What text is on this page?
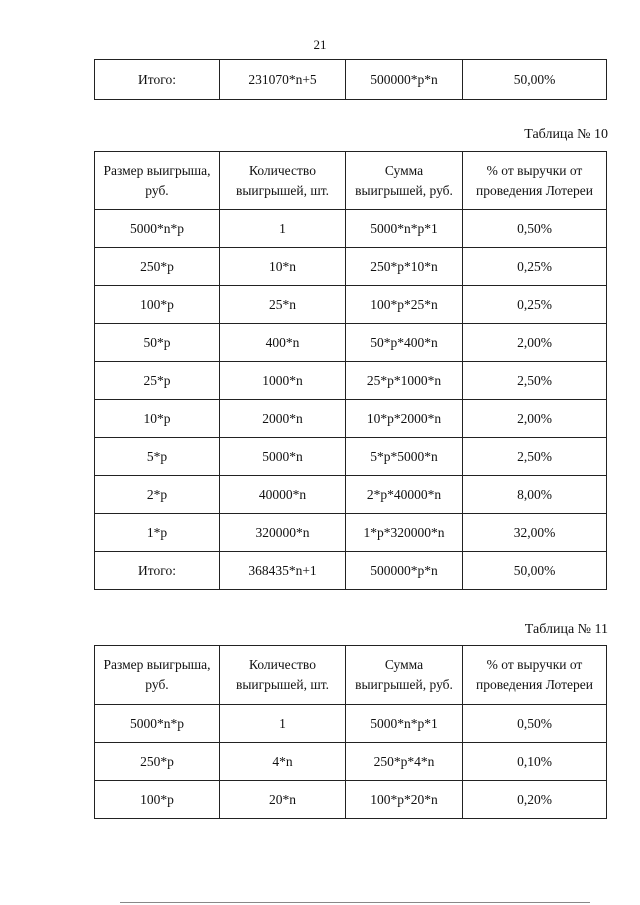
21
Итого:	231070*n+5	500000*p*n	50,00%
Таблица № 10
Размер выигрыша, руб.	Количество выигрышей, шт.	Сумма выигрышей, руб.	% от выручки от проведения Лотереи
5000*n*p	1	5000*n*p*1	0,50%
250*p	10*n	250*p*10*n	0,25%
100*p	25*n	100*p*25*n	0,25%
50*p	400*n	50*p*400*n	2,00%
25*p	1000*n	25*p*1000*n	2,50%
10*p	2000*n	10*p*2000*n	2,00%
5*p	5000*n	5*p*5000*n	2,50%
2*p	40000*n	2*p*40000*n	8,00%
1*p	320000*n	1*p*320000*n	32,00%
Итого:	368435*n+1	500000*p*n	50,00%
Таблица № 11
Размер выигрыша, руб.	Количество выигрышей, шт.	Сумма выигрышей, руб.	% от выручки от проведения Лотереи
5000*n*p	1	5000*n*p*1	0,50%
250*p	4*n	250*p*4*n	0,10%
100*p	20*n	100*p*20*n	0,20%
